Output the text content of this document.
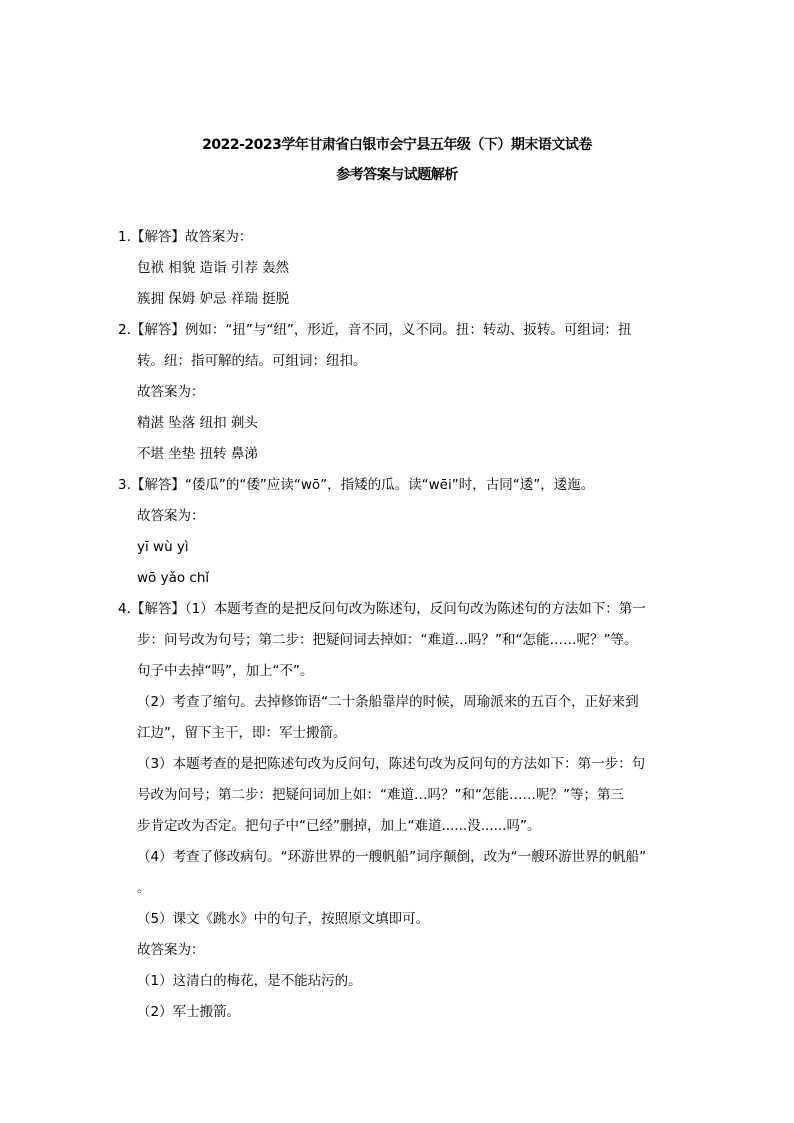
2022-2023学年甘肃省白银市会宁县五年级（下）期末语文试卷
参考答案与试题解析
1.【解答】故答案为：
包袱 相貌 造诣 引荐 轰然
簇拥 保姆 妒忌 祥瑞 挺脱
2.【解答】例如：“扭”与“纽”，形近，音不同，义不同。扭：转动、扳转。可组词：扭
转。纽：指可解的结。可组词：纽扣。
故答案为：
精湛 坠落 纽扣 剃头
不堪 坐垫 扭转 鼻涕
3.【解答】“倭瓜”的“倭”应读“wō”，指矮的瓜。读“wēi”时，古同“逶”，逶迤。
故答案为：
yī wù yì
wō yǎo chǐ
4.【解答】（1）本题考查的是把反问句改为陈述句，反问句改为陈述句的方法如下：第一
步：问号改为句号；第二步：把疑问词去掉如：“难道…吗？”和“怎能……呢？”等。
句子中去掉“吗”，加上“不”。
（2）考查了缩句。去掉修饰语“二十条船靠岸的时候，周瑜派来的五百个，正好来到
江边”，留下主干，即：军士搬箭。
（3）本题考查的是把陈述句改为反问句，陈述句改为反问句的方法如下：第一步：句
号改为问号；第二步：把疑问词加上如：“难道…吗？”和“怎能……呢？”等；第三
步肯定改为否定。把句子中“已经”删掉，加上“难道......没......吗”。
（4）考查了修改病句。“环游世界的一艘帆船”词序颠倒，改为“一艘环游世界的帆船”
。
（5）课文《跳水》中的句子，按照原文填即可。
故答案为：
（1）这清白的梅花，是不能玷污的。
（2）军士搬箭。
